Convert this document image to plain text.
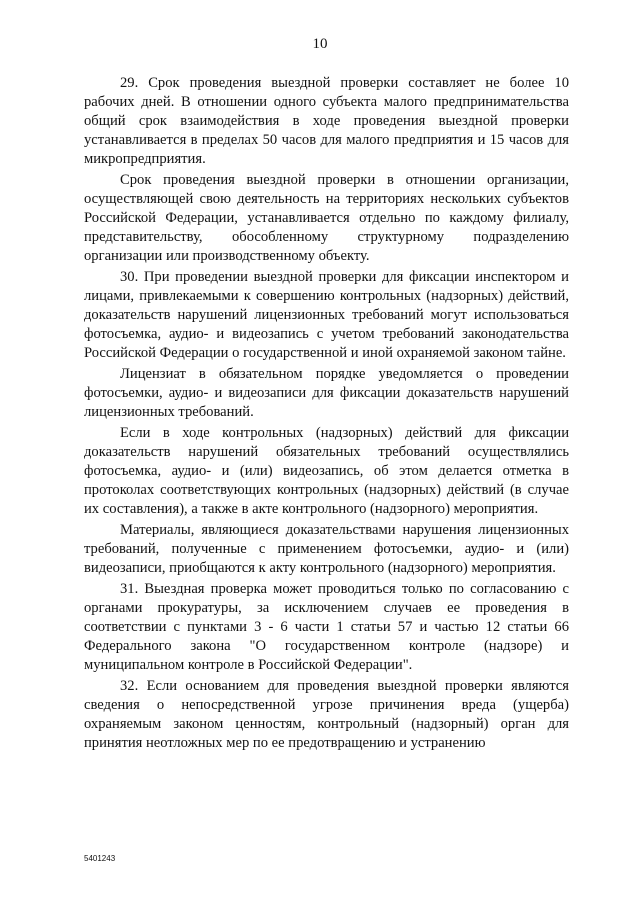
10

29. Срок проведения выездной проверки составляет не более 10 рабочих дней. В отношении одного субъекта малого предпринимательства общий срок взаимодействия в ходе проведения выездной проверки устанавливается в пределах 50 часов для малого предприятия и 15 часов для микропредприятия.

Срок проведения выездной проверки в отношении организации, осуществляющей свою деятельность на территориях нескольких субъектов Российской Федерации, устанавливается отдельно по каждому филиалу, представительству, обособленному структурному подразделению организации или производственному объекту.

30. При проведении выездной проверки для фиксации инспектором и лицами, привлекаемыми к совершению контрольных (надзорных) действий, доказательств нарушений лицензионных требований могут использоваться фотосъемка, аудио- и видеозапись с учетом требований законодательства Российской Федерации о государственной и иной охраняемой законом тайне.

Лицензиат в обязательном порядке уведомляется о проведении фотосъемки, аудио- и видеозаписи для фиксации доказательств нарушений лицензионных требований.

Если в ходе контрольных (надзорных) действий для фиксации доказательств нарушений обязательных требований осуществлялись фотосъемка, аудио- и (или) видеозапись, об этом делается отметка в протоколах соответствующих контрольных (надзорных) действий (в случае их составления), а также в акте контрольного (надзорного) мероприятия.

Материалы, являющиеся доказательствами нарушения лицензионных требований, полученные с применением фотосъемки, аудио- и (или) видеозаписи, приобщаются к акту контрольного (надзорного) мероприятия.

31. Выездная проверка может проводиться только по согласованию с органами прокуратуры, за исключением случаев ее проведения в соответствии с пунктами 3 - 6 части 1 статьи 57 и частью 12 статьи 66 Федерального закона "О государственном контроле (надзоре) и муниципальном контроле в Российской Федерации".

32. Если основанием для проведения выездной проверки являются сведения о непосредственной угрозе причинения вреда (ущерба) охраняемым законом ценностям, контрольный (надзорный) орган для принятия неотложных мер по ее предотвращению и устранению

5401243
